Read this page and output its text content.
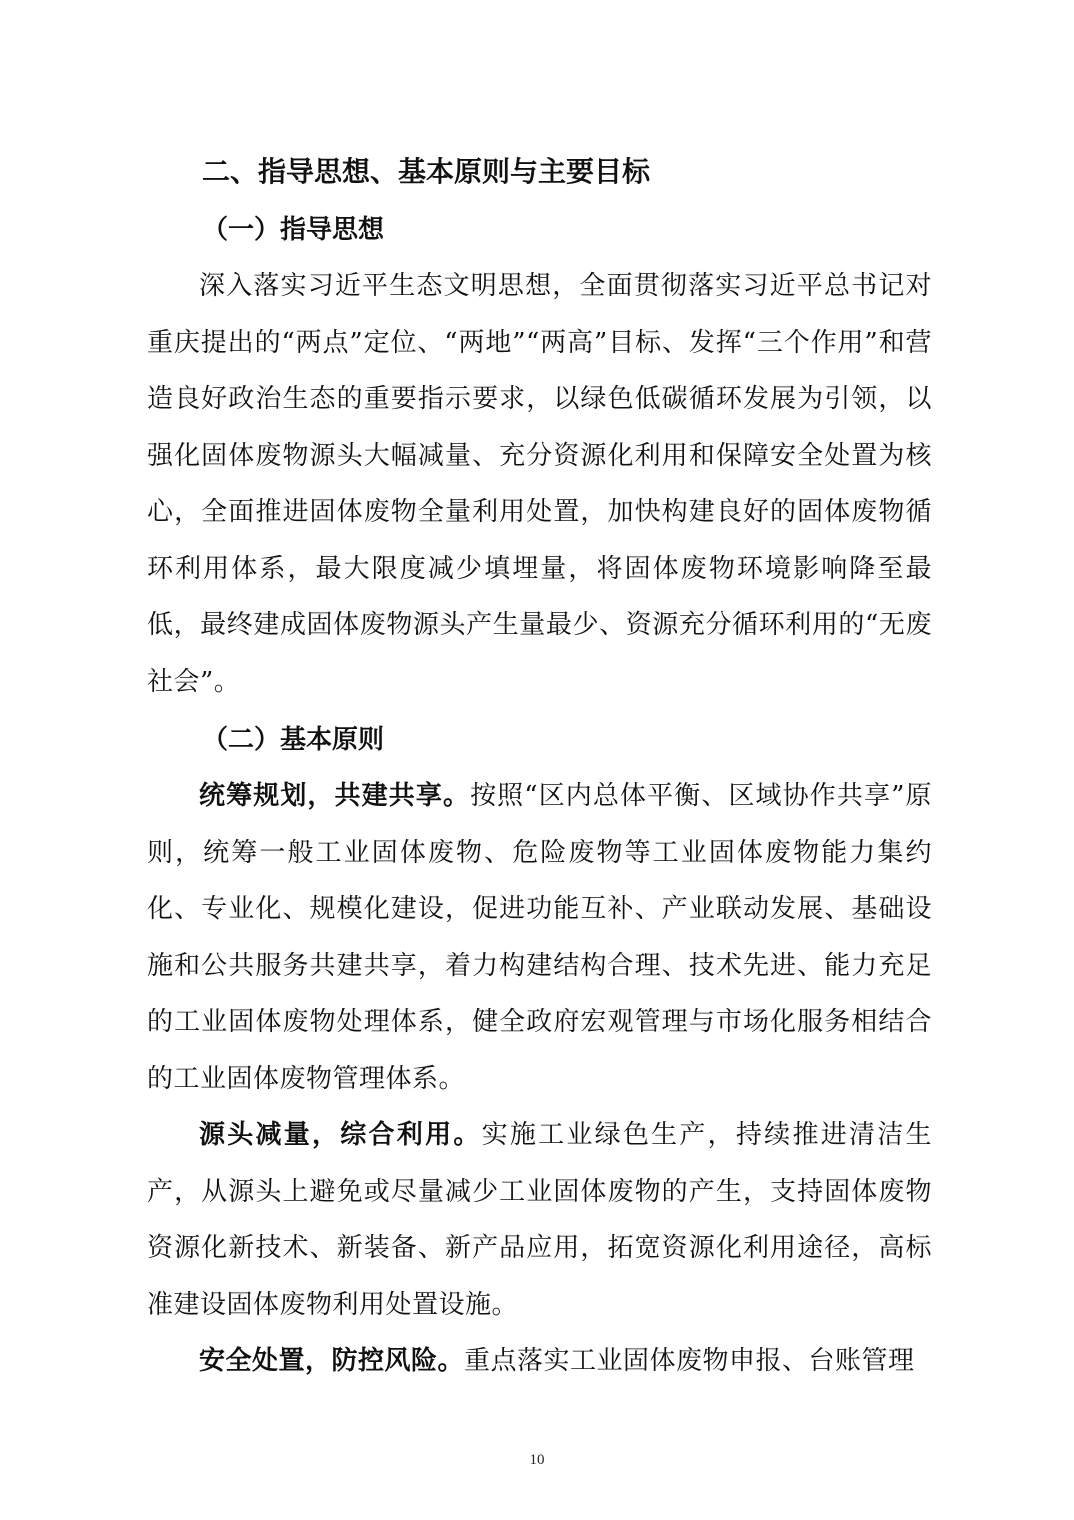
二、指导思想、基本原则与主要目标
（一）指导思想

深入落实习近平生态文明思想，全面贯彻落实习近平总书记对重庆提出的“两点”定位、“两地”“两高”目标、发挥“三个作用”和营造良好政治生态的重要指示要求，以绿色低碳循环发展为引领，以强化固体废物源头大幅减量、充分资源化利用和保障安全处置为核心，全面推进固体废物全量利用处置，加快构建良好的固体废物循环利用体系，最大限度减少填埋量，将固体废物环境影响降至最低，最终建成固体废物源头产生量最少、资源充分循环利用的“无废社会”。

（二）基本原则

统筹规划，共建共享。按照“区内总体平衡、区域协作共享”原则，统筹一般工业固体废物、危险废物等工业固体废物能力集约化、专业化、规模化建设，促进功能互补、产业联动发展、基础设施和公共服务共建共享，着力构建结构合理、技术先进、能力充足的工业固体废物处理体系，健全政府宏观管理与市场化服务相结合的工业固体废物管理体系。

源头减量，综合利用。实施工业绿色生产，持续推进清洁生产，从源头上避免或尽量减少工业固体废物的产生，支持固体废物资源化新技术、新装备、新产品应用，拓宽资源化利用途径，高标准建设固体废物利用处置设施。

安全处置，防控风险。重点落实工业固体废物申报、台账管理

10
